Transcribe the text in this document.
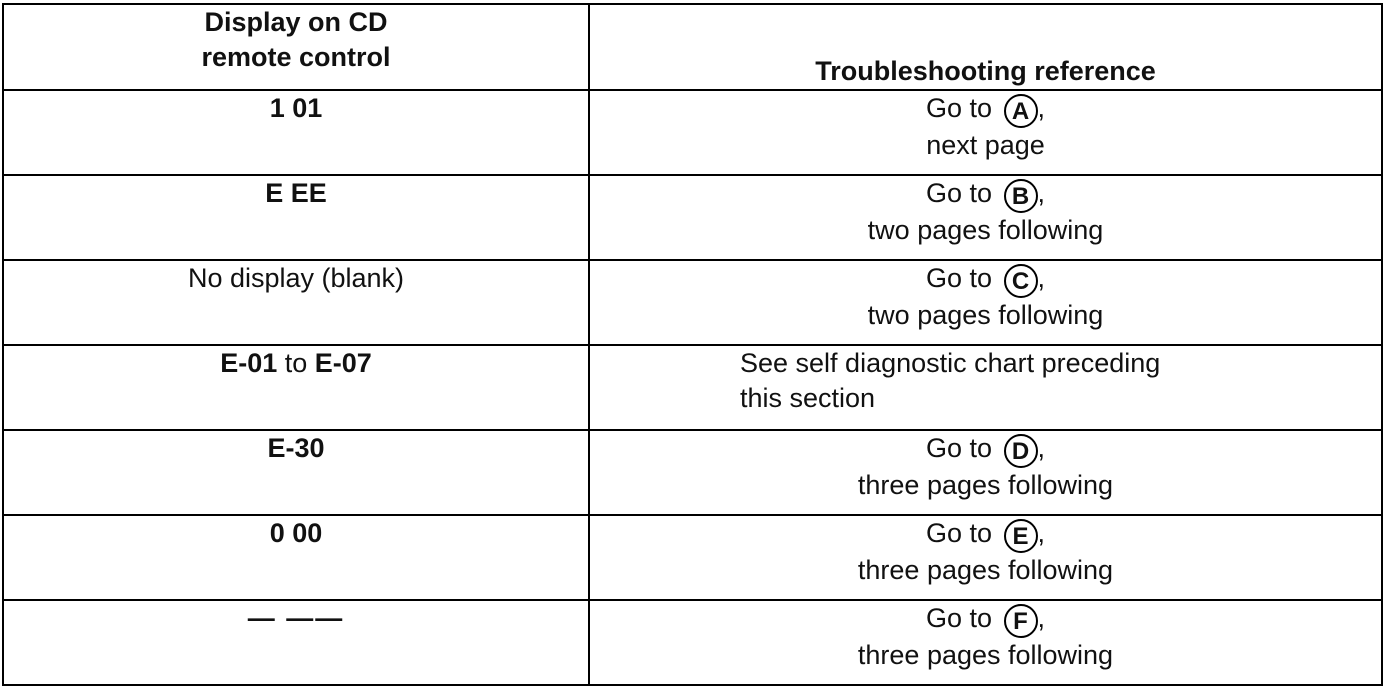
Display on CD
remote control	Troubleshooting reference
1 01	Go to A ,
next page

E EE	Go to B ,
two pages following

No display (blank)	Go to C ,
two pages following

E-01 to E-07	See self diagnostic chart preceding
this section

E-30	Go to D ,
three pages following

0 00	Go to E ,
three pages following

— ——	Go to F ,
three pages following
